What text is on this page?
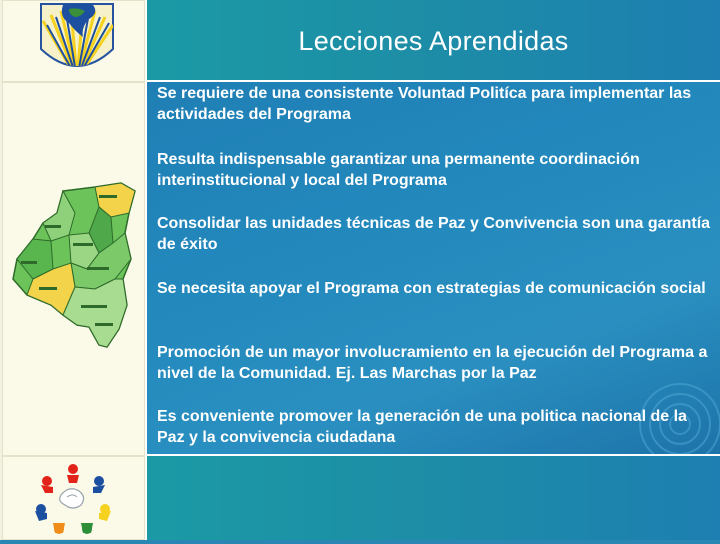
Lecciones Aprendidas
Se requiere de una consistente Voluntad Politíca para implementar las actividades del Programa
Resulta indispensable garantizar una permanente coordinación interinstitucional y local del Programa
Consolidar las unidades técnicas de Paz y Convivencia son una garantía de éxito
Se necesita apoyar el Programa con estrategias de comunicación social
Promoción de un mayor involucramiento en la ejecución del Programa a nivel de la Comunidad. Ej. Las Marchas por la Paz
Es conveniente promover la generación de una politica nacional de la Paz y la convivencia ciudadana
